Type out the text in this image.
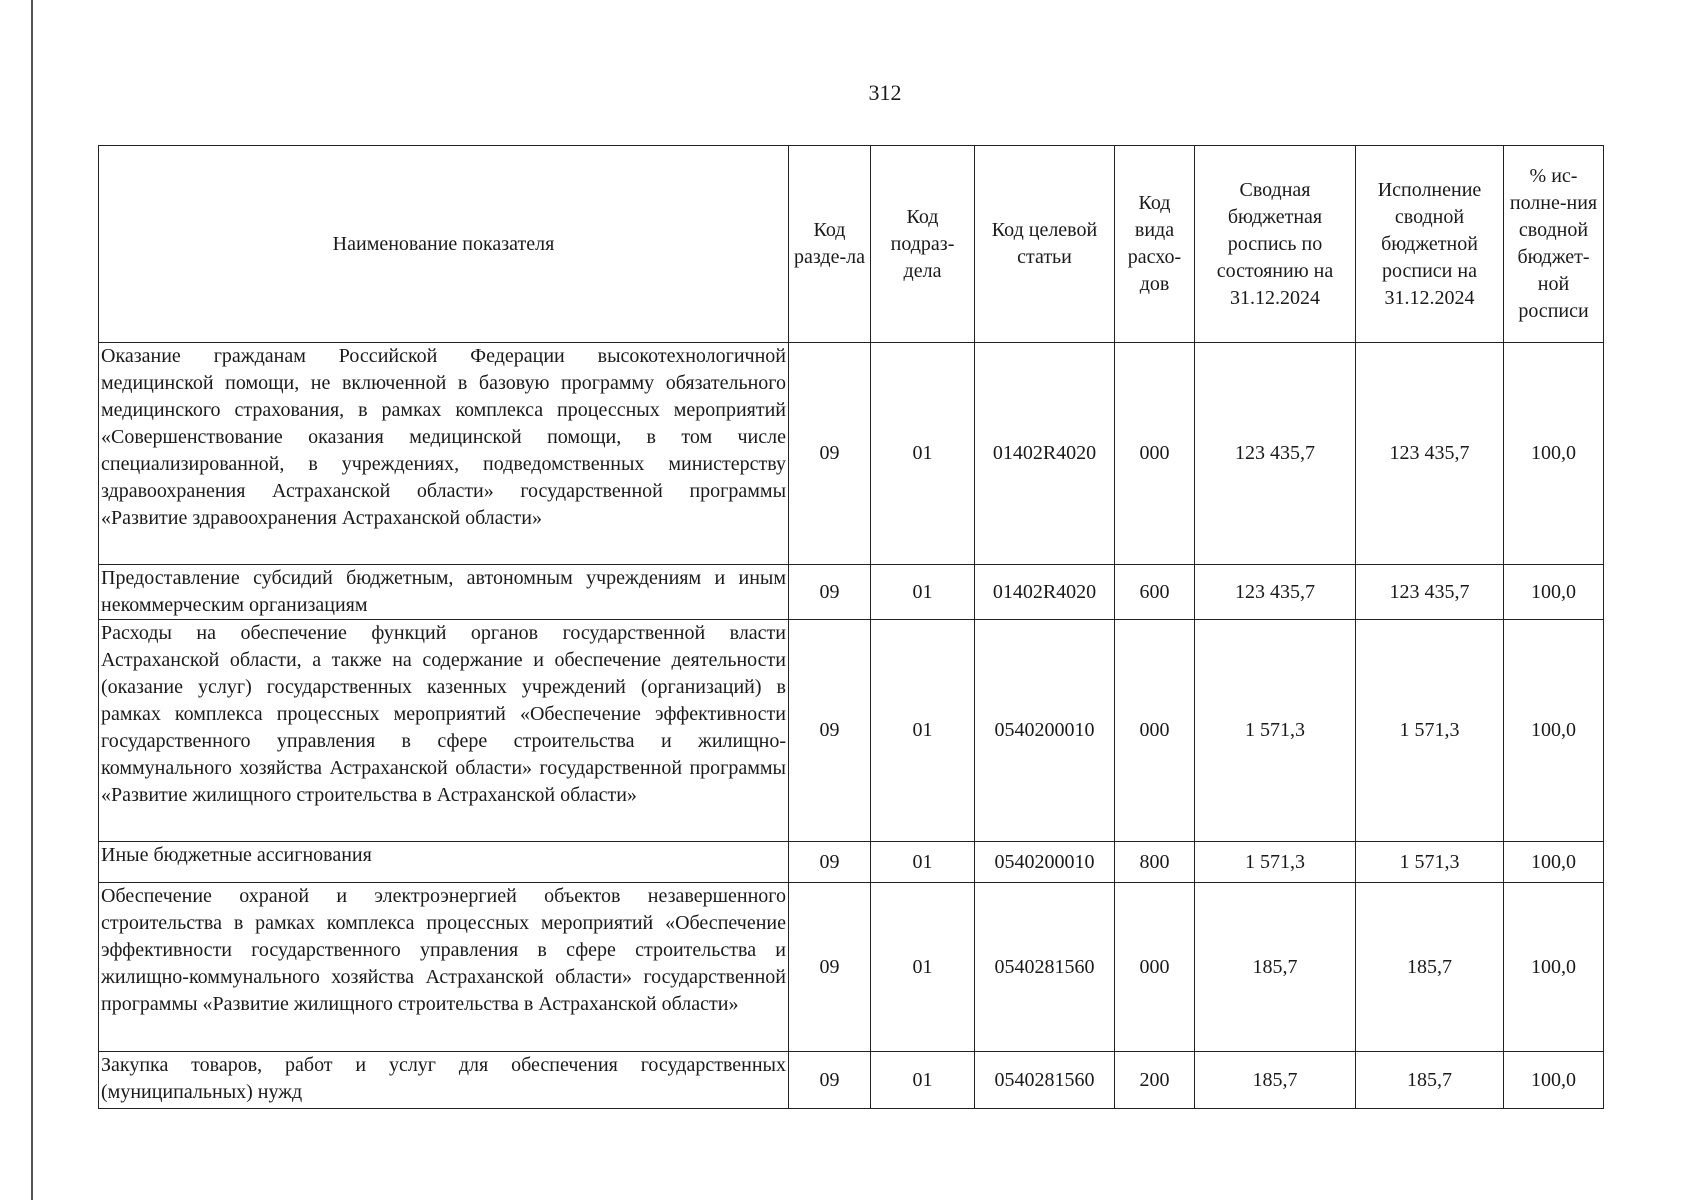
312
Наименование показателя	Код разде-ла	Код подраз-дела	Код целевой статьи	Код вида расхо-дов	Сводная бюджетная роспись по состоянию на 31.12.2024	Исполнение сводной бюджетной росписи на 31.12.2024	% ис-полне-ния сводной бюджет-ной росписи
Оказание гражданам Российской Федерации высокотехнологичной медицинской помощи, не включенной в базовую программу обязательного медицинского страхования, в рамках комплекса процессных мероприятий «Совершенствование оказания медицинской помощи, в том числе специализированной, в учреждениях, подведомственных министерству здравоохранения Астраханской области» государственной программы «Развитие здравоохранения Астраханской области»	09	01	01402R4020	000	123 435,7	123 435,7	100,0
Предоставление субсидий бюджетным, автономным учреждениям и иным некоммерческим организациям	09	01	01402R4020	600	123 435,7	123 435,7	100,0
Расходы на обеспечение функций органов государственной власти Астраханской области, а также на содержание и обеспечение деятельности (оказание услуг) государственных казенных учреждений (организаций) в рамках комплекса процессных мероприятий «Обеспечение эффективности государственного управления в сфере строительства и жилищно-коммунального хозяйства Астраханской области» государственной программы «Развитие жилищного строительства в Астраханской области»	09	01	0540200010	000	1 571,3	1 571,3	100,0
Иные бюджетные ассигнования	09	01	0540200010	800	1 571,3	1 571,3	100,0
Обеспечение охраной и электроэнергией объектов незавершенного строительства в рамках комплекса процессных мероприятий «Обеспечение эффективности государственного управления в сфере строительства и жилищно-коммунального хозяйства Астраханской области» государственной программы «Развитие жилищного строительства в Астраханской области»	09	01	0540281560	000	185,7	185,7	100,0
Закупка товаров, работ и услуг для обеспечения государственных (муниципальных) нужд	09	01	0540281560	200	185,7	185,7	100,0
